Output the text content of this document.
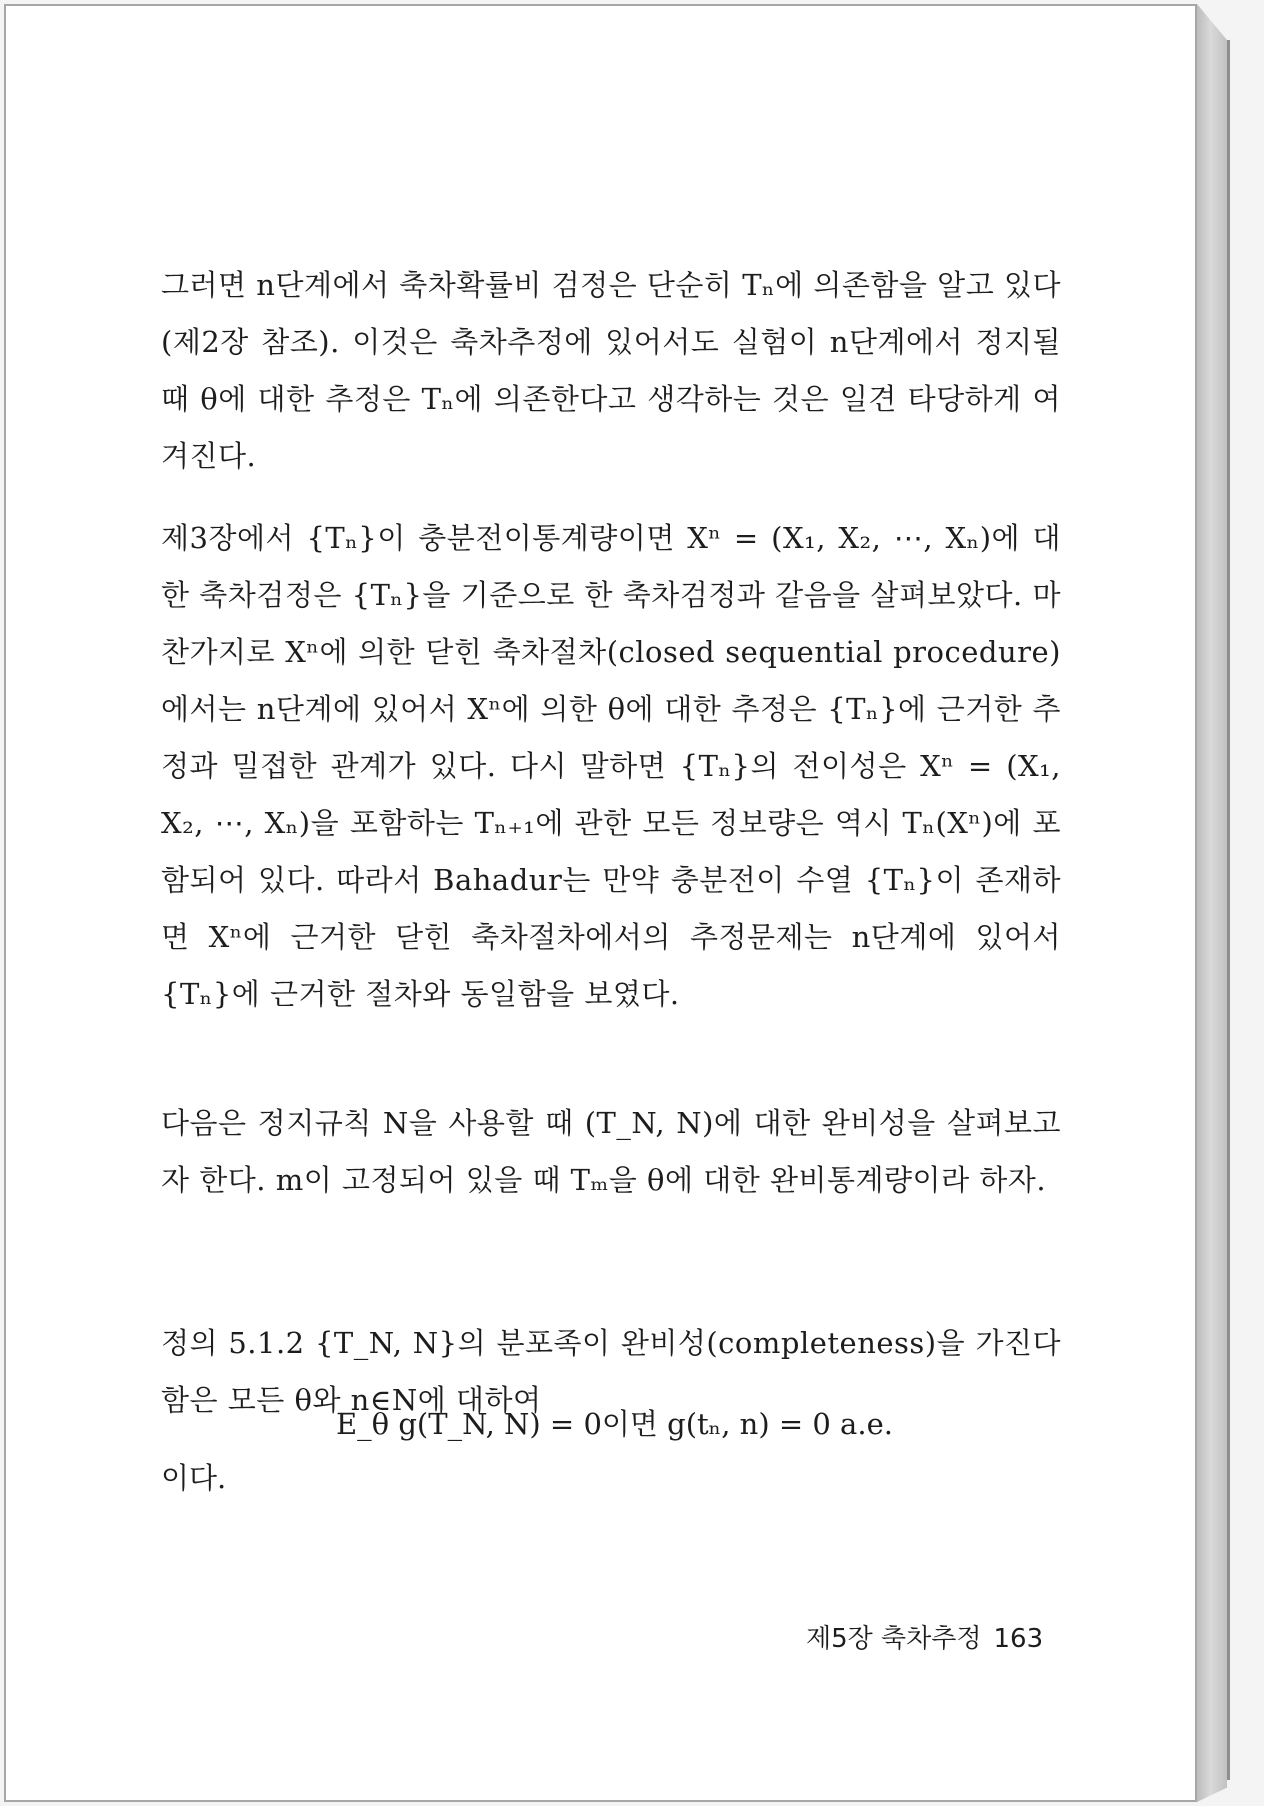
그러면 n단계에서 축차확률비 검정은 단순히 Tₙ에 의존함을 알고 있다(제2장 참조). 이것은 축차추정에 있어서도 실험이 n단계에서 정지될 때 θ에 대한 추정은 Tₙ에 의존한다고 생각하는 것은 일견 타당하게 여겨진다.

제3장에서 {Tₙ}이 충분전이통계량이면 Xⁿ = (X₁, X₂, ⋯, Xₙ)에 대한 축차검정은 {Tₙ}을 기준으로 한 축차검정과 같음을 살펴보았다. 마찬가지로 Xⁿ에 의한 닫힌 축차절차(closed sequential procedure)에서는 n단계에 있어서 Xⁿ에 의한 θ에 대한 추정은 {Tₙ}에 근거한 추정과 밀접한 관계가 있다. 다시 말하면 {Tₙ}의 전이성은 Xⁿ = (X₁, X₂, ⋯, Xₙ)을 포함하는 Tₙ₊₁에 관한 모든 정보량은 역시 Tₙ(Xⁿ)에 포함되어 있다. 따라서 Bahadur는 만약 충분전이 수열 {Tₙ}이 존재하면 Xⁿ에 근거한 닫힌 축차절차에서의 추정문제는 n단계에 있어서 {Tₙ}에 근거한 절차와 동일함을 보였다.

다음은 정지규칙 N을 사용할 때 (T_N, N)에 대한 완비성을 살펴보고자 한다. m이 고정되어 있을 때 Tₘ을 θ에 대한 완비통계량이라 하자.

정의 5.1.2 {T_N, N}의 분포족이 완비성(completeness)을 가진다 함은 모든 θ와 n∈N에 대하여

E_θ g(T_N, N) = 0이면 g(tₙ, n) = 0 a.e.
이다.
제5장 축차추정 163
